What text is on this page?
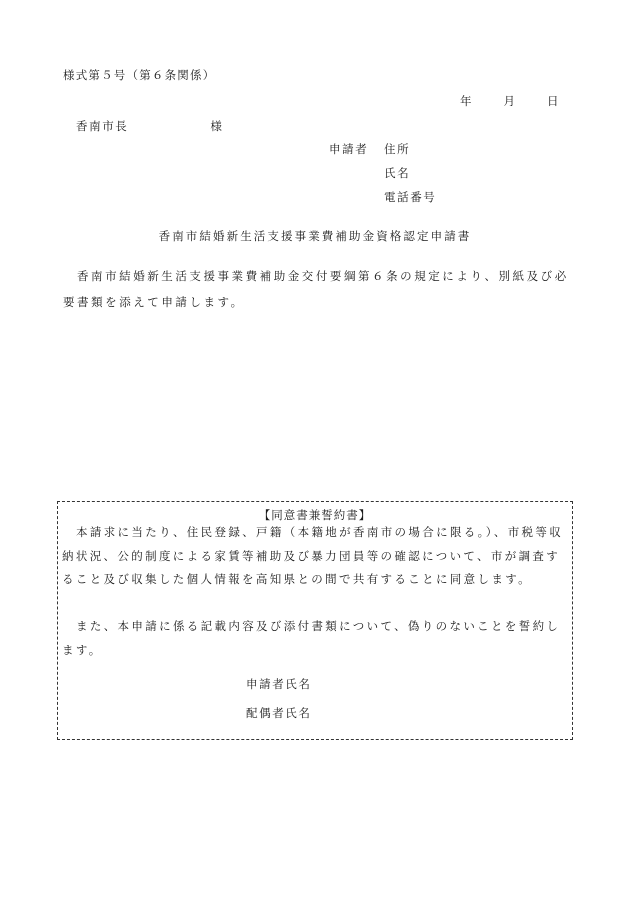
様式第５号（第６条関係）
年	月	日
香南市長	様
申請者 住所
氏名
電話番号
香南市結婚新生活支援事業費補助金資格認定申請書
香南市結婚新生活支援事業費補助金交付要綱第６条の規定により、別紙及び必要書類を添えて申請します。
【同意書兼誓約書】
本請求に当たり、住民登録、戸籍（本籍地が香南市の場合に限る。）、市税等収納状況、公的制度による家賃等補助及び暴力団員等の確認について、市が調査すること及び収集した個人情報を高知県との間で共有することに同意します。
また、本申請に係る記載内容及び添付書類について、偽りのないことを誓約します。
申請者氏名
配偶者氏名
